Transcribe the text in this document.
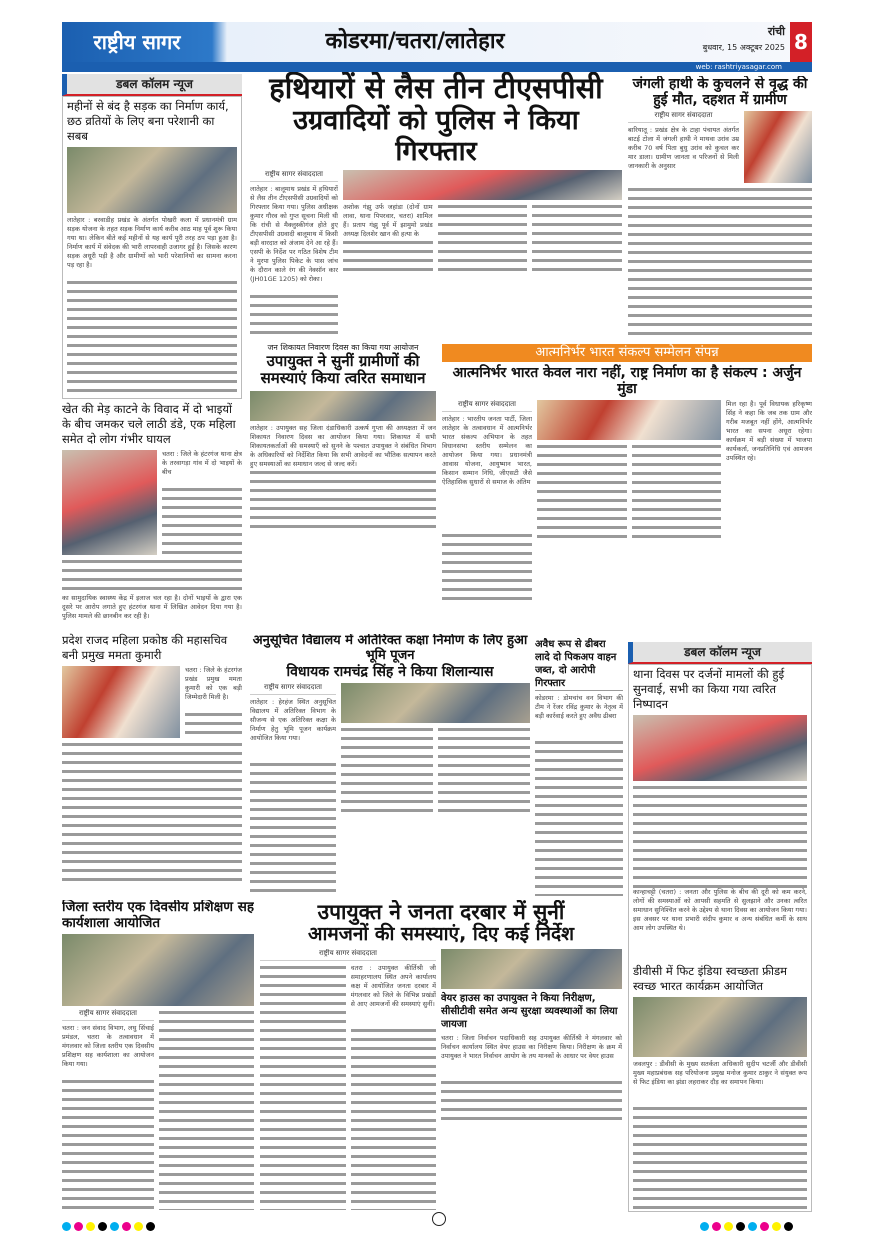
राष्ट्रीय सागर	कोडरमा/चतरा/लातेहार	रांची
बुधवार, 15 अक्टूबर 2025 8
web: rashtriyasagar.com
डबल कॉलम न्यूज
महीनों से बंद है सड़क का निर्माण कार्य, छठ व्रतियों के लिए बना परेशानी का सबब
लातेहार : बरवाडीह प्रखंड के अंतर्गत पोखरी कला में प्रधानमंत्री ग्राम सड़क योजना के तहत सड़क निर्माण कार्य करीब आठ माह पूर्व शुरू किया गया था। लेकिन बीते कई महीनों से यह कार्य पूरी तरह ठप पड़ा हुआ है। निर्माण कार्य में संवेदक की भारी लापरवाही उजागर हुई है। जिसके कारण सड़क अधूरी पड़ी है और ग्रामीणों को भारी परेशानियों का सामना करना पड़ रहा है।
खेत की मेड़ काटने के विवाद में दो भाइयों के बीच जमकर चले लाठी डंडे, एक महिला समेत दो लोग गंभीर घायल
चतरा : जिले के हंटरगंज थाना क्षेत्र के तरवागड़ा गांव में दो भाइयों के बीच
का सामुदायिक स्वास्थ्य केंद्र में इलाज चल रहा है। दोनों भाइयों के द्वारा एक दूसरे पर आरोप लगाते हुए हंटरगंज थाना में लिखित आवेदन दिया गया है। पुलिस मामले की छानबीन कर रही है।
प्रदेश राजद महिला प्रकोष्ठ की महासचिव बनी प्रमुख ममता कुमारी
चतरा : जिले के हंटरगंज प्रखंड प्रमुख ममता कुमारी को एक बड़ी जिम्मेदारी मिली है।
जिला स्तरीय एक दिवसीय प्रशिक्षण सह कार्यशाला आयोजित
राष्ट्रीय सागर संवाददाता
चतरा : जन संवाद विभाग, लघु सिंचाई प्रमंडल, चतरा के तत्वावधान में मंगलवार को जिला स्तरीय एक दिवसीय प्रशिक्षण सह कार्यशाला का आयोजन किया गया।
हथियारों से लैस तीन टीएसपीसी
उग्रवादियों को पुलिस ने किया गिरफ्तार
राष्ट्रीय सागर संवाददाता
लातेहार : बालूमाथ प्रखंड में हथियारों से लैस तीन टीएसपीसी उग्रवादियों को गिरफ्तार किया गया। पुलिस अधीक्षक कुमार गौरव को गुप्त सूचना मिली थी कि रांची से मैक्लुस्कीगंज होते हुए टीएसपीसी उग्रवादी बालूमाथ में किसी बड़ी वारदात को अंजाम देने आ रहे हैं। एसपी के निर्देश पर गठित विशेष टीम ने मुरपा पुलिस पिकेट के पास जांच के दौरान काले रंग की नेक्सॉन कार (JH01GE 1205) को रोका।
अशोक गंझु उर्फ जहांडा (दोनों ग्राम लावा, थाना पिपरवार, चतरा) शामिल हैं। प्रताप गंझु पूर्व में झामुमो प्रखंड अध्यक्ष दिलशेर खान की हत्या के
जंगली हाथी के कुचलने से वृद्ध की हुई मौत, दहशत में ग्रामीण
राष्ट्रीय सागर संवाददाता
बारियातू : प्रखंड क्षेत्र के टाहा पंचायत अंतर्गत बाटई टोला में जंगली हाथी ने माथवा उरांव उम्र करीब 70 वर्ष पिता बुधु उरांव को कुचल कर मार डाला। ग्रामीण जानता व परिजनों से मिली जानकारी के अनुसार
जन शिकायत निवारण दिवस का किया गया आयोजन
उपायुक्त ने सुनीं ग्रामीणों की समस्याएं किया त्वरित समाधान
लातेहार : उपायुक्त सह जिला दंडाधिकारी उत्कर्ष गुप्ता की अध्यक्षता में जन शिकायत निवारण दिवस का आयोजन किया गया। शिकायत में सभी शिकायतकर्ताओं की समस्याएँ को सुनने के पश्चात उपायुक्त ने संबंधित विभाग के अधिकारियों को निर्देशित किया कि सभी आवेदनों का भौतिक सत्यापन करते हुए समस्याओं का समाधान जल्द से जल्द करें।
आत्मनिर्भर भारत संकल्प सम्मेलन संपन्न
आत्मनिर्भर भारत केवल नारा नहीं, राष्ट्र निर्माण का है संकल्प : अर्जुन मुंडा
राष्ट्रीय सागर संवाददाता
लातेहार : भारतीय जनता पार्टी, जिला लातेहार के तत्वावधान में आत्मनिर्भर भारत संकल्प अभियान के तहत विधानसभा स्तरीय सम्मेलन का आयोजन किया गया। प्रधानमंत्री आवास योजना, आयुष्मान भारत, किसान सम्मान निधि, जीएसटी जैसे ऐतिहासिक सुधारों से समाज के अंतिम
मिल रहा है। पूर्व विधायक हरिकृष्ण सिंह ने कहा कि जब तक ग्राम और गरीब मजबूत नहीं होंगे, आत्मनिर्भर भारत का सपना अधूरा रहेगा। कार्यक्रम में बड़ी संख्या में भाजपा कार्यकर्ता, जनप्रतिनिधि एवं आमजन उपस्थित रहे।
अनुसूचित विद्यालय में अतिरिक्त कक्षा निर्माण के लिए हुआ भूमि पूजन
विधायक रामचंद्र सिंह ने किया शिलान्यास
राष्ट्रीय सागर संवाददाता
लातेहार : हेरहंज स्थित अनुसूचित विद्यालय में अतिरिक्त विभाग के सौजन्य से एक अतिरिक्त कक्षा के निर्माण हेतु भूमि पूजन कार्यक्रम आयोजित किया गया।
अवैध रूप से ढीबरा लादे दो पिकअप वाहन जब्त, दो आरोपी गिरफ्तार
कोडरमा : डोमचांच वन विभाग की टीम ने रेंजर रविंद्र कुमार के नेतृत्व में बड़ी कार्रवाई करते हुए अवैध ढीबरा
डबल कॉलम न्यूज
थाना दिवस पर दर्जनों मामलों की हुई सुनवाई, सभी का किया गया त्वरित निष्पादन
कान्हाचट्टी (चतरा) : जनता और पुलिस के बीच की दूरी को कम करने, लोगों की समस्याओं को आपसी सहमति से सुलझाने और उनका त्वरित समाधान सुनिश्चित करने के उद्देश्य से थाना दिवस का आयोजन किया गया। इस अवसर पर थाना प्रभारी संदीप कुमार व अन्य संबंधित कर्मी के साथ आम लोग उपस्थित थे।
डीवीसी में फिट इंडिया स्वच्छता फ्रीडम स्वच्छ भारत कार्यक्रम आयोजित
जवलपुर : डीवीसी के मुख्य सतर्कता अधिकारी सुदीप चटर्जी और डीवीसी मुख्य महाप्रबंधक सह परियोजना प्रमुख मनोज कुमार ठाकुर ने संयुक्त रूप से फिट इंडिया का झंडा लहराकर दौड़ का समापन किया।
उपायुक्त ने जनता दरबार में सुनीं
आमजनों की समस्याएं, दिए कई निर्देश
राष्ट्रीय सागर संवाददाता
चतरा : उपायुक्त कीर्तिश्री जी समाहरणालय स्थित अपने कार्यालय कक्ष में आयोजित जनता दरबार में मंगलवार को जिले के विभिन्न प्रखंडों से आए आमजनों की समस्याएं सुनीं। वेयर हाउस का उपायुक्त ने किया निरीक्षण, सीसीटीवी समेत अन्य सुरक्षा व्यवस्थाओं का लिया जायजा
चतरा : जिला निर्वाचन पदाधिकारी सह उपायुक्त कीर्तिश्री ने मंगलवार को निर्वाचन कार्यालय स्थित वेयर हाउस का निरीक्षण किया। निरीक्षण के क्रम में उपायुक्त ने भारत निर्वाचन आयोग के तय मानकों के आधार पर वेयर हाउस
